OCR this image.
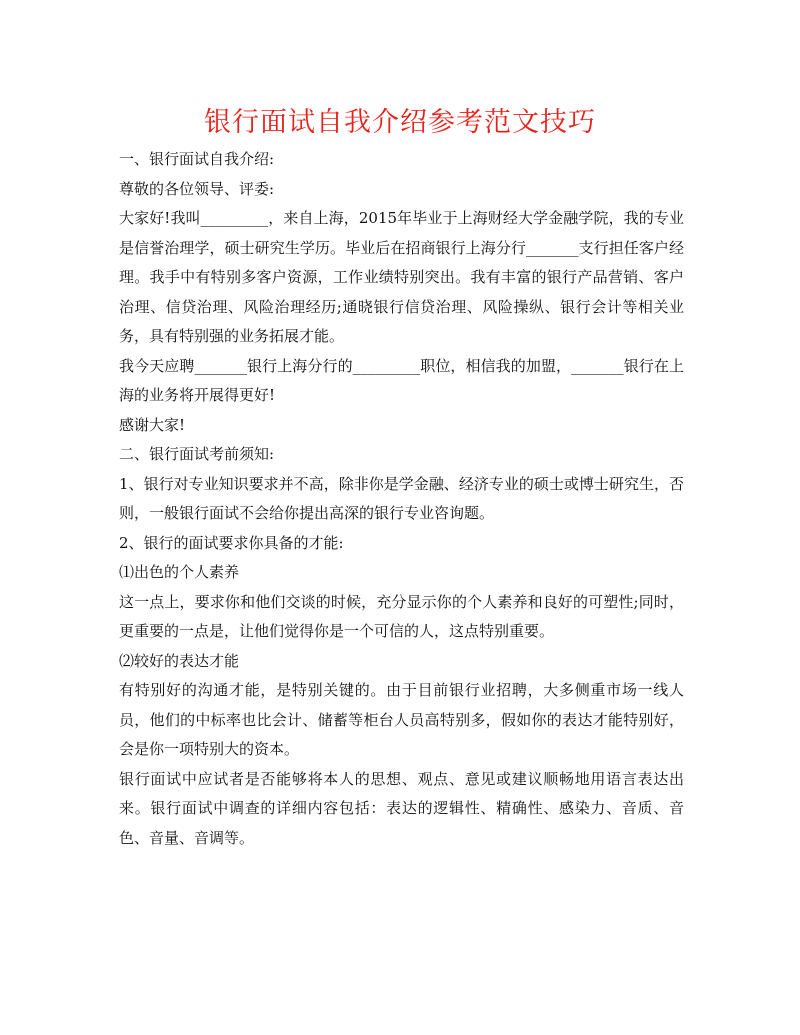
银行面试自我介绍参考范文技巧

一、银行面试自我介绍:

尊敬的各位领导、评委:

大家好!我叫_________，来自上海，2015年毕业于上海财经大学金融学院，我的专业是信誉治理学，硕士研究生学历。毕业后在招商银行上海分行_______支行担任客户经理。我手中有特别多客户资源，工作业绩特别突出。我有丰富的银行产品营销、客户治理、信贷治理、风险治理经历;通晓银行信贷治理、风险操纵、银行会计等相关业务，具有特别强的业务拓展才能。

我今天应聘_______银行上海分行的_________职位，相信我的加盟，_______银行在上海的业务将开展得更好!

感谢大家!

二、银行面试考前须知:

1、银行对专业知识要求并不高，除非你是学金融、经济专业的硕士或博士研究生，否则，一般银行面试不会给你提出高深的银行专业咨询题。

2、银行的面试要求你具备的才能:

⑴出色的个人素养

这一点上，要求你和他们交谈的时候，充分显示你的个人素养和良好的可塑性;同时，更重要的一点是，让他们觉得你是一个可信的人，这点特别重要。

⑵较好的表达才能

有特别好的沟通才能，是特别关键的。由于目前银行业招聘，大多侧重市场一线人员，他们的中标率也比会计、储蓄等柜台人员高特别多，假如你的表达才能特别好，会是你一项特别大的资本。

银行面试中应试者是否能够将本人的思想、观点、意见或建议顺畅地用语言表达出来。银行面试中调查的详细内容包括：表达的逻辑性、精确性、感染力、音质、音色、音量、音调等。
